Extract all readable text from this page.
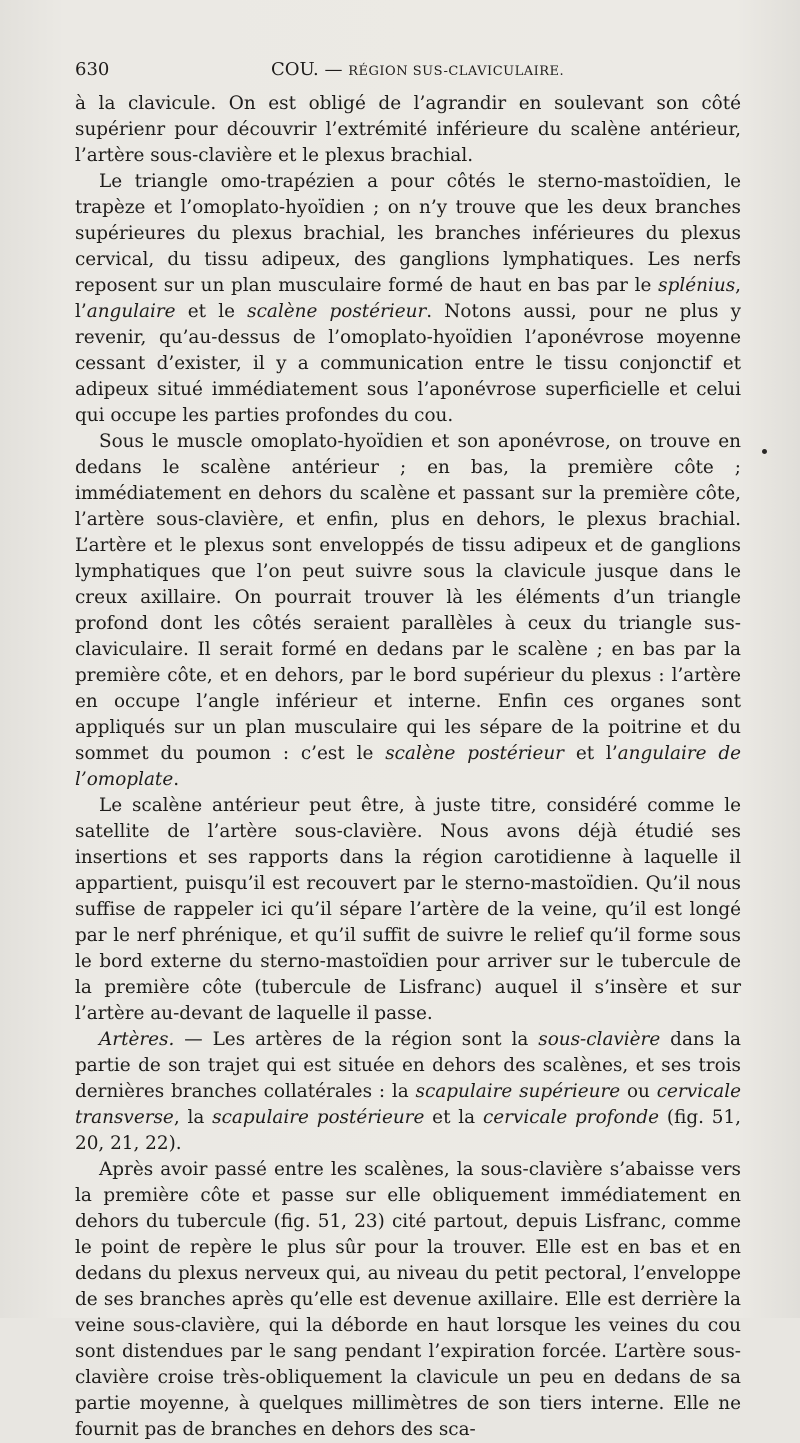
630	COU. — RÉGION SUS-CLAVICULAIRE.

à la clavicule. On est obligé de l’agrandir en soulevant son côté supérienr pour découvrir l’extrémité inférieure du scalène antérieur, l’artère sous-clavière et le plexus brachial.

Le triangle omo-trapézien a pour côtés le sterno-mastoïdien, le trapèze et l’omoplato-hyoïdien ; on n’y trouve que les deux branches supérieures du plexus brachial, les branches inférieures du plexus cervical, du tissu adipeux, des ganglions lymphatiques. Les nerfs reposent sur un plan musculaire formé de haut en bas par le splénius, l’angulaire et le scalène postérieur. Notons aussi, pour ne plus y revenir, qu’au-dessus de l’omoplato-hyoïdien l’aponévrose moyenne cessant d’exister, il y a communication entre le tissu conjonctif et adipeux situé immédiatement sous l’aponévrose superficielle et celui qui occupe les parties profondes du cou.

Sous le muscle omoplato-hyoïdien et son aponévrose, on trouve en dedans le scalène antérieur ; en bas, la première côte ; immédiatement en dehors du scalène et passant sur la première côte, l’artère sous-clavière, et enfin, plus en dehors, le plexus brachial. L’artère et le plexus sont enveloppés de tissu adipeux et de ganglions lymphatiques que l’on peut suivre sous la clavicule jusque dans le creux axillaire. On pourrait trouver là les éléments d’un triangle profond dont les côtés seraient parallèles à ceux du triangle sus-claviculaire. Il serait formé en dedans par le scalène ; en bas par la première côte, et en dehors, par le bord supérieur du plexus : l’artère en occupe l’angle inférieur et interne. Enfin ces organes sont appliqués sur un plan musculaire qui les sépare de la poitrine et du sommet du poumon : c’est le scalène postérieur et l’angulaire de l’omoplate.

Le scalène antérieur peut être, à juste titre, considéré comme le satellite de l’artère sous-clavière. Nous avons déjà étudié ses insertions et ses rapports dans la région carotidienne à laquelle il appartient, puisqu’il est recouvert par le sterno-mastoïdien. Qu’il nous suffise de rappeler ici qu’il sépare l’artère de la veine, qu’il est longé par le nerf phrénique, et qu’il suffit de suivre le relief qu’il forme sous le bord externe du sterno-mastoïdien pour arriver sur le tubercule de la première côte (tubercule de Lisfranc) auquel il s’insère et sur l’artère au-devant de laquelle il passe.

Artères. — Les artères de la région sont la sous-clavière dans la partie de son trajet qui est située en dehors des scalènes, et ses trois dernières branches collatérales : la scapulaire supérieure ou cervicale transverse, la scapulaire postérieure et la cervicale profonde (fig. 51, 20, 21, 22).

Après avoir passé entre les scalènes, la sous-clavière s’abaisse vers la première côte et passe sur elle obliquement immédiatement en dehors du tubercule (fig. 51, 23) cité partout, depuis Lisfranc, comme le point de repère le plus sûr pour la trouver. Elle est en bas et en dedans du plexus nerveux qui, au niveau du petit pectoral, l’enveloppe de ses branches après qu’elle est devenue axillaire. Elle est derrière la veine sous-clavière, qui la déborde en haut lorsque les veines du cou sont distendues par le sang pendant l’expiration forcée. L’artère sous-clavière croise très-obliquement la clavicule un peu en dedans de sa partie moyenne, à quelques millimètres de son tiers interne. Elle ne fournit pas de branches en dehors des sca-
